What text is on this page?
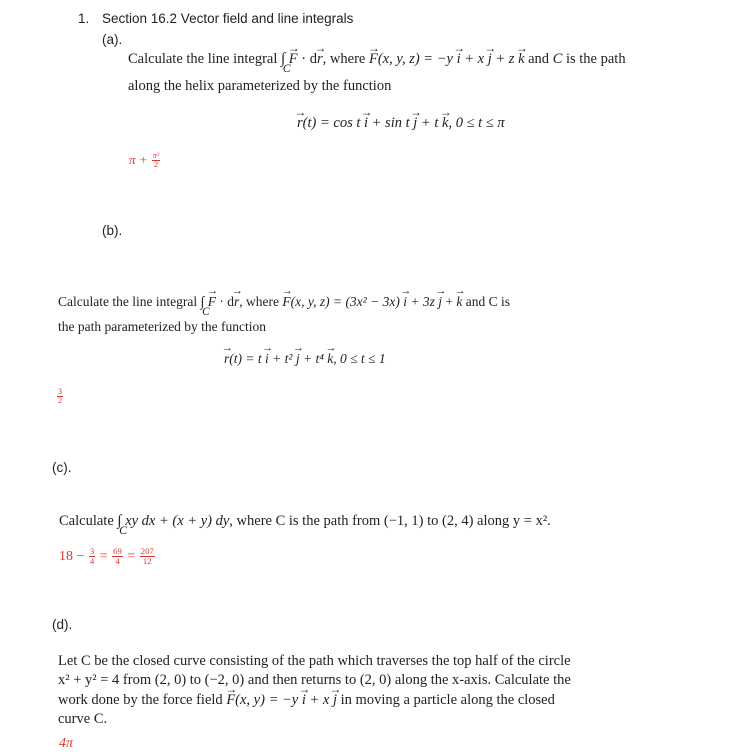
1. Section 16.2 Vector field and line integrals
(a).
Calculate the line integral ∫
C
→ F · d→ r, where → F(x, y, z) = −y → i + x → j + z → k and C is the path
along the helix parameterized by the function
→ r(t) = cos t → i + sin t → j + t → k, 0 ≤ t ≤ π
$\pi + \frac{\text{π²}}{2}$
(b).
Calculate the line integral ∫
C
→ F · d→ r, where → F(x, y, z) = (3x² − 3x) → i + 3z → j + → k and C is
the path parameterized by the function
→ r(t) = t → i + t² → j + t⁴ → k, 0 ≤ t ≤ 1
$\frac{3}{2}$
(c).
Calculate ∫
C
xy dx + (x + y) dy, where C is the path from (−1, 1) to (2, 4) along y = x².
$18 - \frac{3}{4} = \frac{69}{4} = \frac{207}{12}$
(d).
Let C be the closed curve consisting of the path which traverses the top half of the circle
x² + y² = 4 from (2, 0) to (−2, 0) and then returns to (2, 0) along the x-axis. Calculate the
work done by the force field → F(x, y) = −y → i + x → j in moving a particle along the closed
curve C.
4π
